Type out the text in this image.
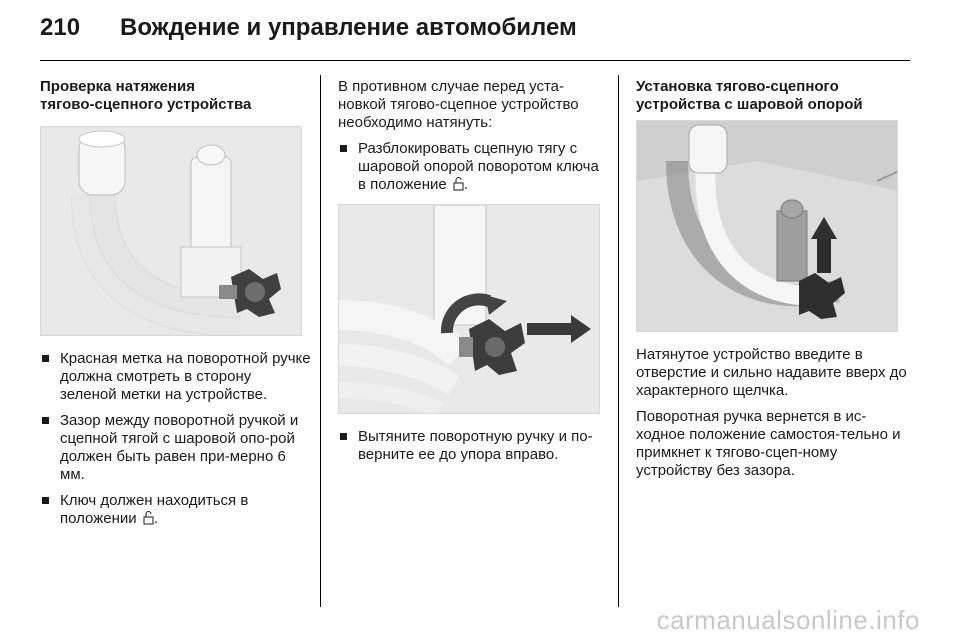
210 Вождение и управление автомобилем
Проверка натяжения
тягово-сцепного устройства
Красная метка на поворотной ручке должна смотреть в сторону зеленой метки на устройстве.
Зазор между поворотной ручкой и сцепной тягой с шаровой опо-рой должен быть равен при-мерно 6 мм.
Ключ должен находиться в положении .

В противном случае перед уста-новкой тягово-сцепное устройство необходимо натянуть:

Разблокировать сцепную тягу с шаровой опорой поворотом ключа в положение .
Вытяните поворотную ручку и по-верните ее до упора вправо.
Установка тягово-сцепного
устройства с шаровой опорой

Натянутое устройство введите в отверстие и сильно надавите вверх до характерного щелчка.

Поворотная ручка вернется в ис-ходное положение самостоя-тельно и примкнет к тягово-сцеп-ному устройству без зазора.

carmanualsonline.info
